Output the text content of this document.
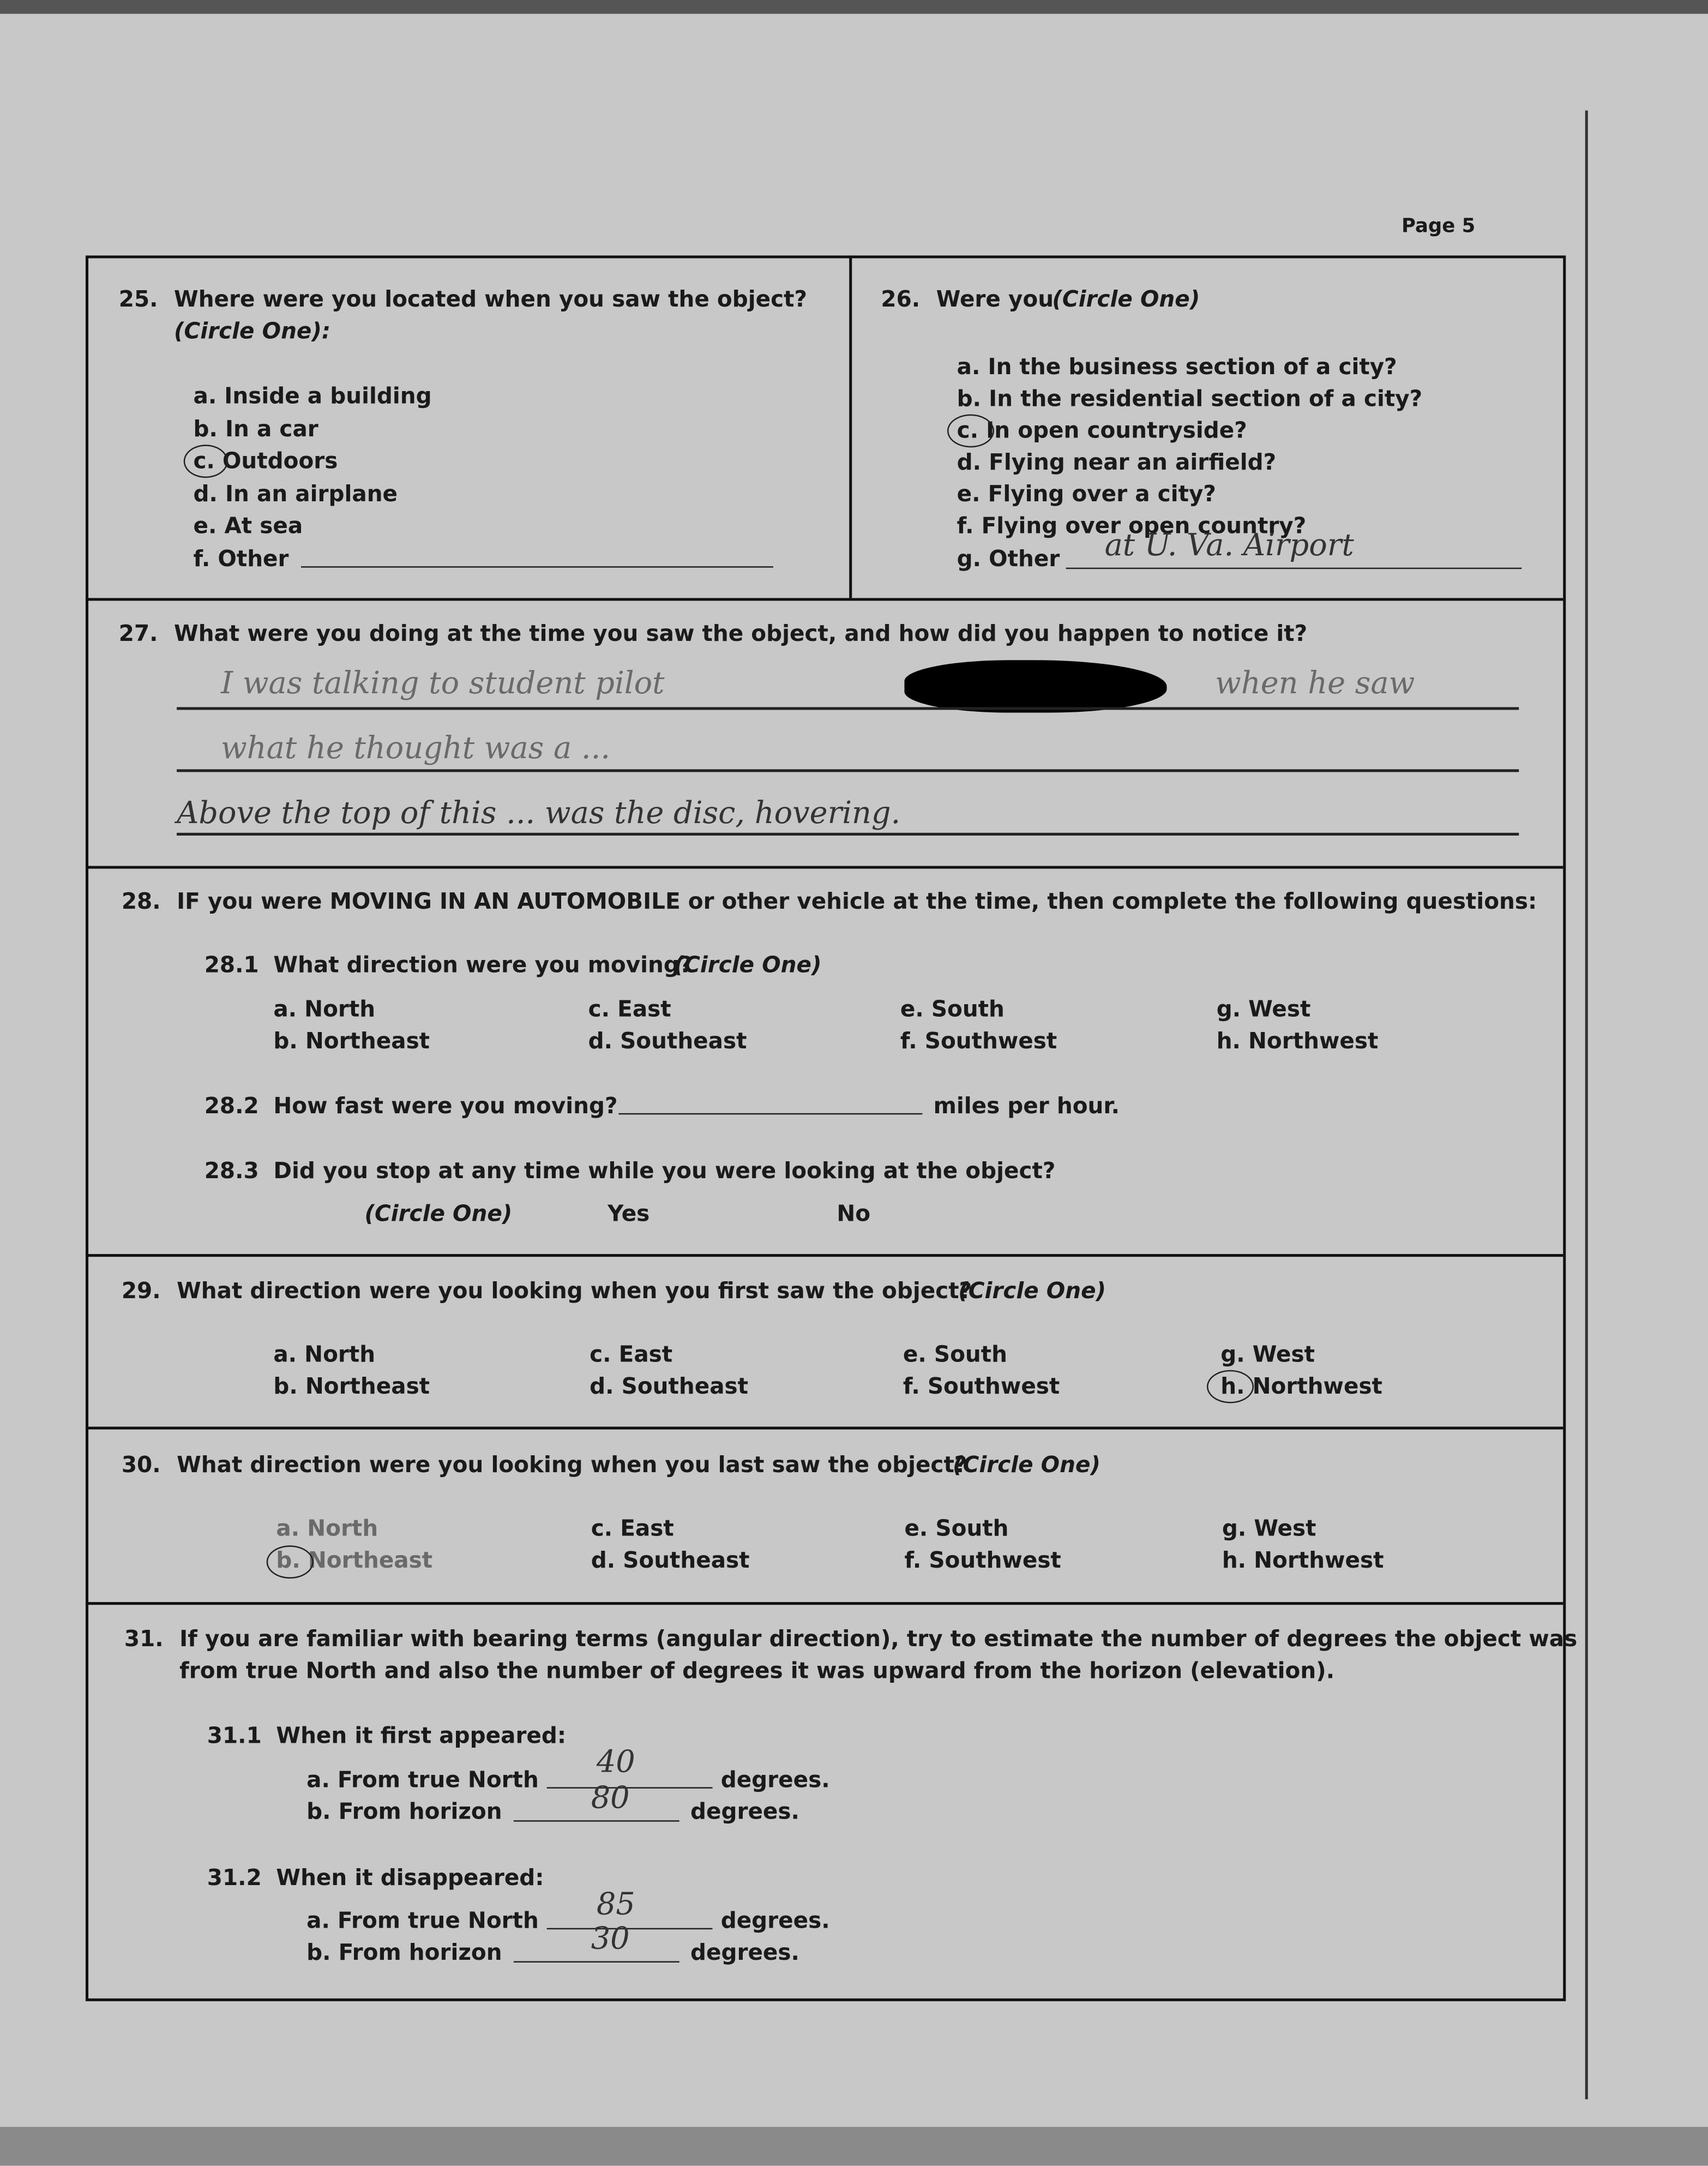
Page 5
25. Where were you located when you saw the object?
(Circle One):
a. Inside a building
b. In a car
c. Outdoors
d. In an airplane
e. At sea
f. Other
26. Were you
(Circle One)
a. In the business section of a city?
b. In the residential section of a city?
c. In open countryside?
d. Flying near an airfield?
e. Flying over a city?
f. Flying over open country?
g. Other	at U. Va. Airport
27. What were you doing at the time you saw the object, and how did you happen to notice it?
I was talking to student pilot	when he saw
what he thought was a ...
Above the top of this ... was the disc, hovering.
28. IF you were MOVING IN AN AUTOMOBILE or other vehicle at the time, then complete the following questions:
28.1 What direction were you moving?
(Circle One)
a. North
b. Northeast
c. East
d. Southeast
e. South
f. Southwest
g. West
h. Northwest
28.2 How fast were you moving?	miles per hour.
28.3 Did you stop at any time while you were looking at the object?
(Circle One)	Yes	No
29. What direction were you looking when you first saw the object?
(Circle One)
a. North
b. Northeast
c. East
d. Southeast
e. South
f. Southwest
g. West
h. Northwest
30. What direction were you looking when you last saw the object?
(Circle One)
a. North
b. Northeast
c. East
d. Southeast
e. South
f. Southwest
g. West
h. Northwest
31. If you are familiar with bearing terms (angular direction), try to estimate the number of degrees the object was
from true North and also the number of degrees it was upward from the horizon (elevation).
31.1 When it first appeared:
a. From true North	40	degrees.
b. From horizon	80	degrees.
31.2 When it disappeared:
a. From true North	85	degrees.
b. From horizon	30	degrees.
